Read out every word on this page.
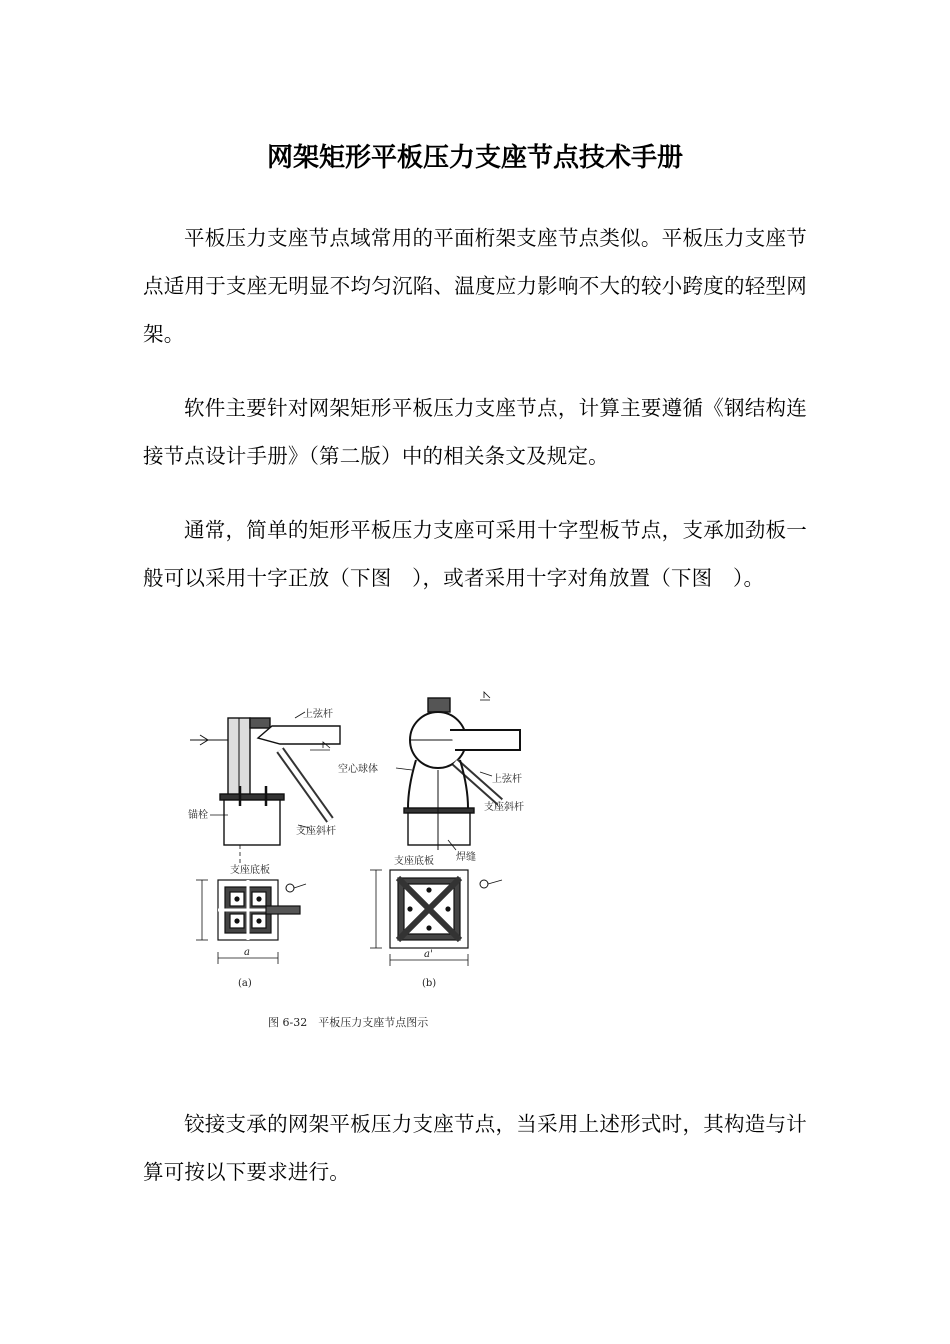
网架矩形平板压力支座节点技术手册

平板压力支座节点域常用的平面桁架支座节点类似。平板压力支座节点适用于支座无明显不均匀沉陷、温度应力影响不大的较小跨度的轻型网架。

软件主要针对网架矩形平板压力支座节点，计算主要遵循《钢结构连接节点设计手册》（第二版）中的相关条文及规定。

通常，简单的矩形平板压力支座可采用十字型板节点，支承加劲板一般可以采用十字正放（下图　），或者采用十字对角放置（下图　）。

上弦杆
锚栓
支座斜杆
空心球体
上弦杆
支座斜杆
焊缝
支座底板
a
(a)
支座底板
a'
(b)
图 6-32　平板压力支座节点图示

铰接支承的网架平板压力支座节点，当采用上述形式时，其构造与计算可按以下要求进行。
